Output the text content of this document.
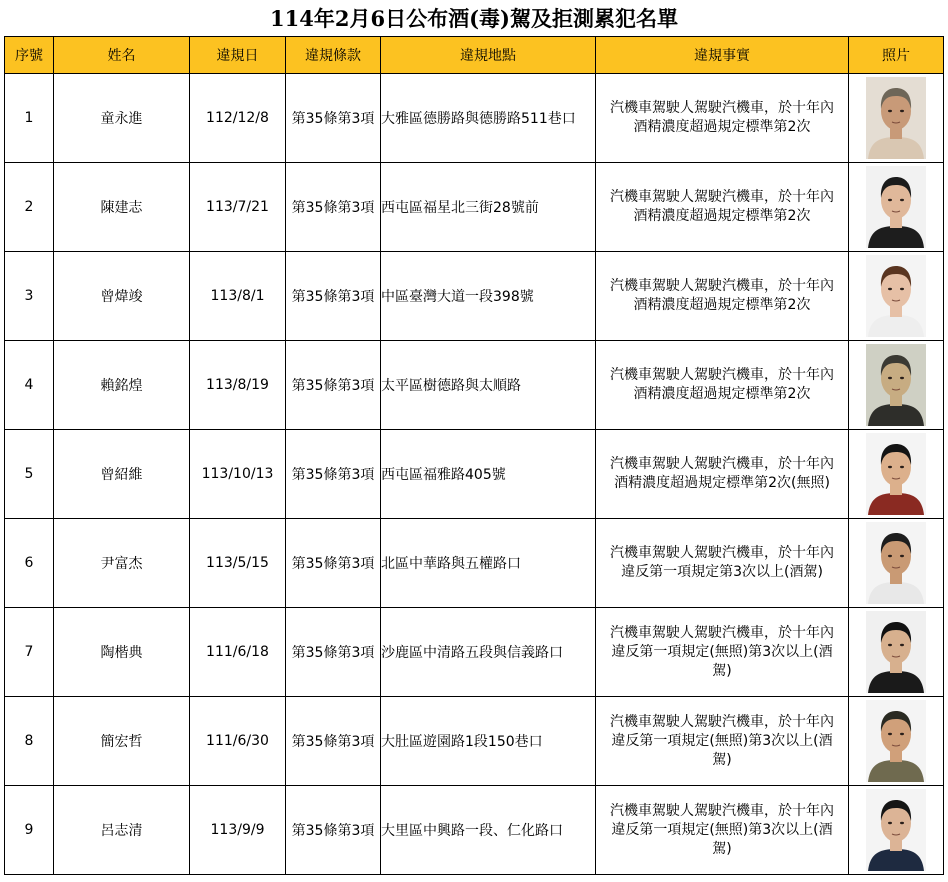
114年2月6日公布酒(毒)駕及拒測累犯名單
序號	姓名	違規日	違規條款	違規地點	違規事實	照片
1	童永進	112/12/8	第35條第3項	大雅區德勝路與德勝路511巷口	汽機車駕駛人駕駛汽機車，於十年內
酒精濃度超過規定標準第2次	

2	陳建志	113/7/21	第35條第3項	西屯區福星北三街28號前	汽機車駕駛人駕駛汽機車，於十年內
酒精濃度超過規定標準第2次	

3	曾煒竣	113/8/1	第35條第3項	中區臺灣大道一段398號	汽機車駕駛人駕駛汽機車，於十年內
酒精濃度超過規定標準第2次	

4	賴銘煌	113/8/19	第35條第3項	太平區樹德路與太順路	汽機車駕駛人駕駛汽機車，於十年內
酒精濃度超過規定標準第2次	

5	曾紹維	113/10/13	第35條第3項	西屯區福雅路405號	汽機車駕駛人駕駛汽機車，於十年內
酒精濃度超過規定標準第2次(無照)	

6	尹富杰	113/5/15	第35條第3項	北區中華路與五權路口	汽機車駕駛人駕駛汽機車，於十年內
違反第一項規定第3次以上(酒駕)	

7	陶楷典	111/6/18	第35條第3項	沙鹿區中清路五段與信義路口	汽機車駕駛人駕駛汽機車，於十年內
違反第一項規定(無照)第3次以上(酒
駕)	

8	簡宏哲	111/6/30	第35條第3項	大肚區遊園路1段150巷口	汽機車駕駛人駕駛汽機車，於十年內
違反第一項規定(無照)第3次以上(酒
駕)	

9	呂志清	113/9/9	第35條第3項	大里區中興路一段、仁化路口	汽機車駕駛人駕駛汽機車，於十年內
違反第一項規定(無照)第3次以上(酒
駕)	
